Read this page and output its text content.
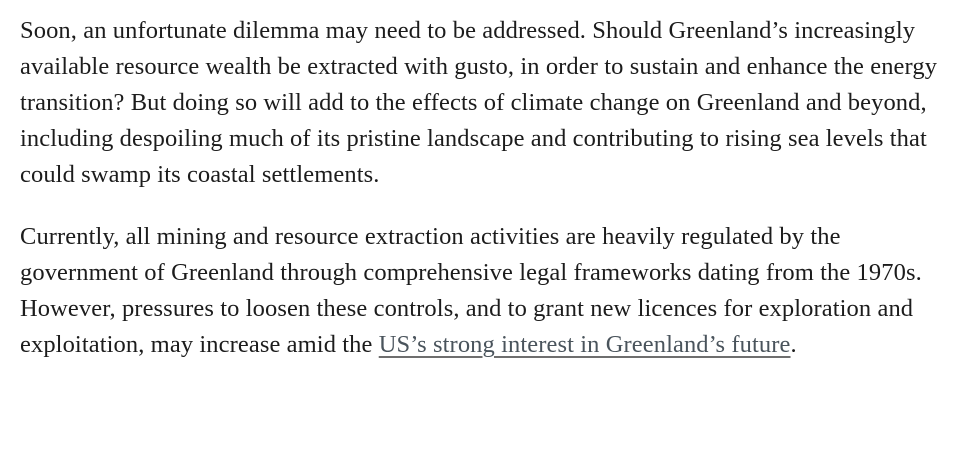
Soon, an unfortunate dilemma may need to be addressed. Should Greenland’s increasingly available resource wealth be extracted with gusto, in order to sustain and enhance the energy transition? But doing so will add to the effects of climate change on Greenland and beyond, including despoiling much of its pristine landscape and contributing to rising sea levels that could swamp its coastal settlements.

Currently, all mining and resource extraction activities are heavily regulated by the government of Greenland through comprehensive legal frameworks dating from the 1970s. However, pressures to loosen these controls, and to grant new licences for exploration and exploitation, may increase amid the US’s strong interest in Greenland’s future.
